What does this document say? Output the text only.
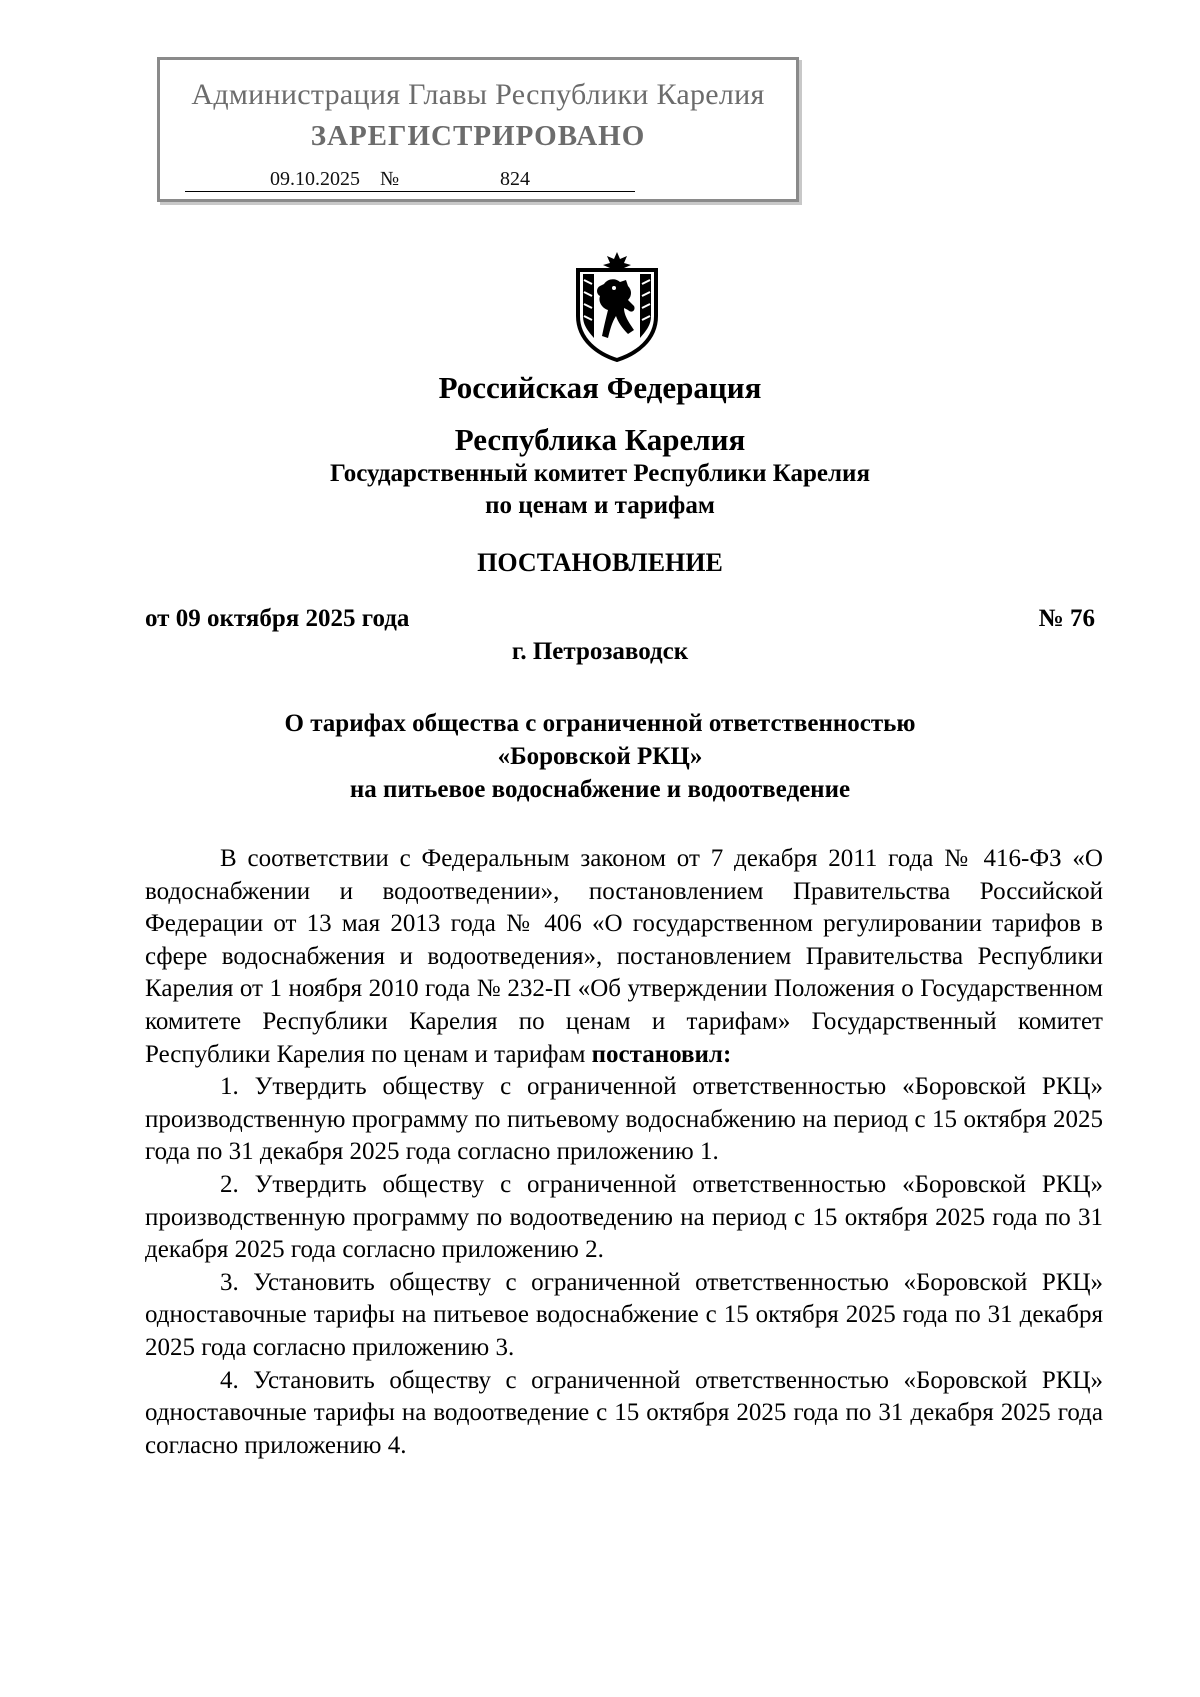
Администрация Главы Республики Карелия
ЗАРЕГИСТРИРОВАНО
09.10.2025 №	824
Российская Федерация
Республика Карелия
Государственный комитет Республики Карелия
по ценам и тарифам
ПОСТАНОВЛЕНИЕ
от 09 октября 2025 года	№ 76
г. Петрозаводск
О тарифах общества с ограниченной ответственностью
«Боровской РКЦ»
на питьевое водоснабжение и водоотведение

В соответствии с Федеральным законом от 7 декабря 2011 года № 416-ФЗ «О водоснабжении и водоотведении», постановлением Правительства Российской Федерации от 13 мая 2013 года № 406 «О государственном регулировании тарифов в сфере водоснабжения и водоотведения», постановлением Правительства Республики Карелия от 1 ноября 2010 года № 232-П «Об утверждении Положения о Государственном комитете Республики Карелия по ценам и тарифам» Государственный комитет Республики Карелия по ценам и тарифам постановил:

1. Утвердить обществу с ограниченной ответственностью «Боровской РКЦ» производственную программу по питьевому водоснабжению на период с 15 октября 2025 года по 31 декабря 2025 года согласно приложению 1.

2. Утвердить обществу с ограниченной ответственностью «Боровской РКЦ» производственную программу по водоотведению на период с 15 октября 2025 года по 31 декабря 2025 года согласно приложению 2.

3. Установить обществу с ограниченной ответственностью «Боровской РКЦ» одноставочные тарифы на питьевое водоснабжение с 15 октября 2025 года по 31 декабря 2025 года согласно приложению 3.

4. Установить обществу с ограниченной ответственностью «Боровской РКЦ» одноставочные тарифы на водоотведение с 15 октября 2025 года по 31 декабря 2025 года согласно приложению 4.
